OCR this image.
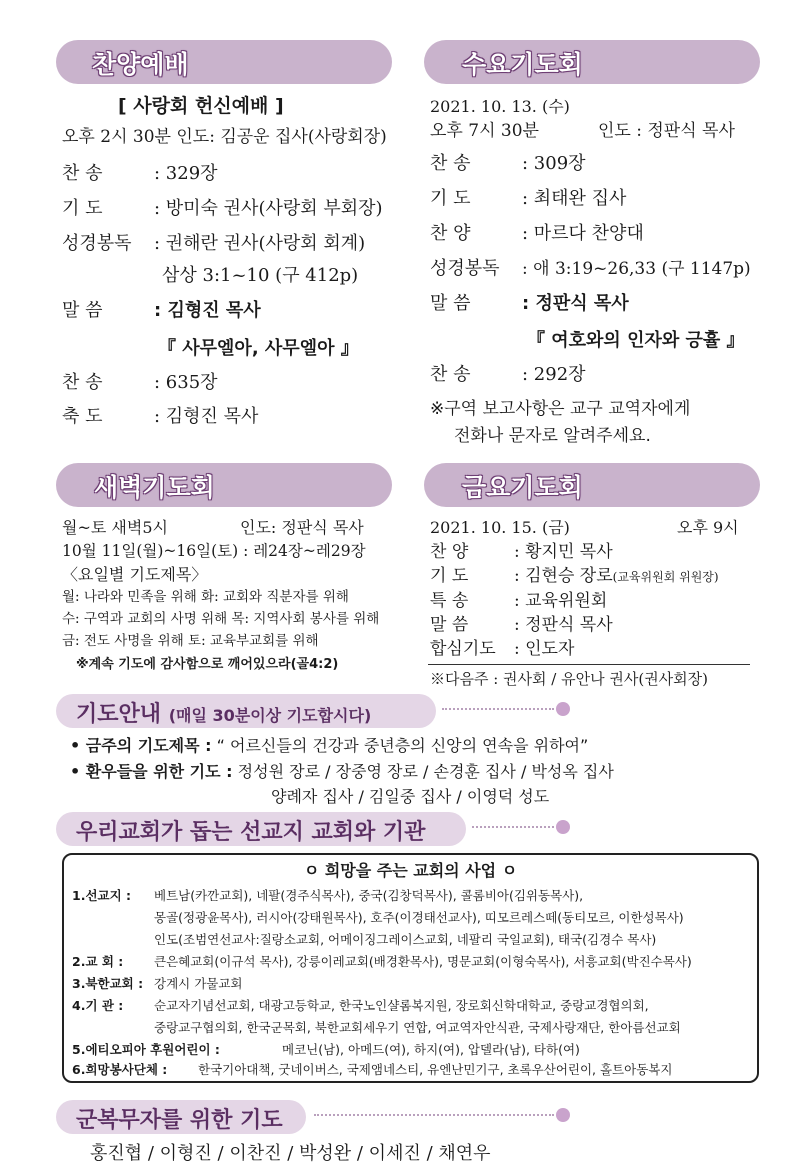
찬양예배
[ 사랑회 헌신예배 ]
오후 2시 30분 인도: 김공운 집사(사랑회장)
찬 송	: 329장
기 도	: 방미숙 권사(사랑회 부회장)
성경봉독 : 권해란 권사(사랑회 회계)
삼상 3:1~10 (구 412p)
말 씀	: 김형진 목사
『 사무엘아, 사무엘아 』
찬 송	: 635장
축 도	: 김형진 목사
수요기도회
2021. 10. 13. (수)
오후 7시 30분	인도 : 정판식 목사
찬 송	: 309장
기 도	: 최태완 집사
찬 양	: 마르다 찬양대
성경봉독 : 애 3:19~26,33 (구 1147p)
말 씀	: 정판식 목사
『 여호와의 인자와 긍휼 』
찬 송	: 292장
※구역 보고사항은 교구 교역자에게
전화나 문자로 알려주세요.
새벽기도회
월~토 새벽5시	인도: 정판식 목사
10월 11일(월)~16일(토) : 레24장~레29장
〈요일별 기도제목〉
월: 나라와 민족을 위해 화: 교회와 직분자를 위해
수: 구역과 교회의 사명 위해 목: 지역사회 봉사를 위해
금: 전도 사명을 위해 토: 교육부교회를 위해
※계속 기도에 감사함으로 깨어있으라(골4:2)
금요기도회
2021. 10. 15. (금)	오후 9시
찬 양	: 황지민 목사
기 도	: 김현승 장로(교육위원회 위원장)
특 송	: 교육위원회
말 씀	: 정판식 목사
합심기도 : 인도자
※다음주 : 권사회 / 유안나 권사(권사회장)
기도안내 (매일 30분이상 기도합시다)
• 금주의 기도제목 : “ 어르신들의 건강과 중년층의 신앙의 연속을 위하여”
• 환우들을 위한 기도 : 정성원 장로 / 장중영 장로 / 손경훈 집사 / 박성옥 집사
양례자 집사 / 김일중 집사 / 이영덕 성도
우리교회가 돕는 선교지 교회와 기관
ㅇ 희망을 주는 교회의 사업 ㅇ
1.선교지 : 베트남(카깐교회), 네팔(경주식목사), 중국(김창덕목사), 콜롬비아(김위동목사),
몽골(정광윤목사), 러시아(강태원목사), 호주(이경태선교사), 띠모르레스떼(동티모르, 이한성목사)
인도(조범연선교사:질랑소교회, 어메이징그레이스교회, 네팔리 국일교회), 태국(김경수 목사)
2.교 회 : 큰은혜교회(이규석 목사), 강릉이레교회(배경환목사), 명문교회(이형숙목사), 서흥교회(박진수목사)
3.북한교회 : 강계시 가물교회
4.기 관 : 순교자기념선교회, 대광고등학교, 한국노인샬롬복지원, 장로회신학대학교, 중랑교경협의회,
중랑교구협의회, 한국군목회, 북한교회세우기 연합, 여교역자안식관, 국제사랑재단, 한아름선교회
5.에티오피아 후원어린이 :	메코닌(남), 아메드(여), 하지(여), 압델라(남), 타하(여)
6.희망봉사단체 : 한국기아대책, 굿네이버스, 국제앰네스티, 유엔난민기구, 초록우산어린이, 홀트아동복지
군복무자를 위한 기도
홍진협 / 이형진 / 이찬진 / 박성완 / 이세진 / 채연우
